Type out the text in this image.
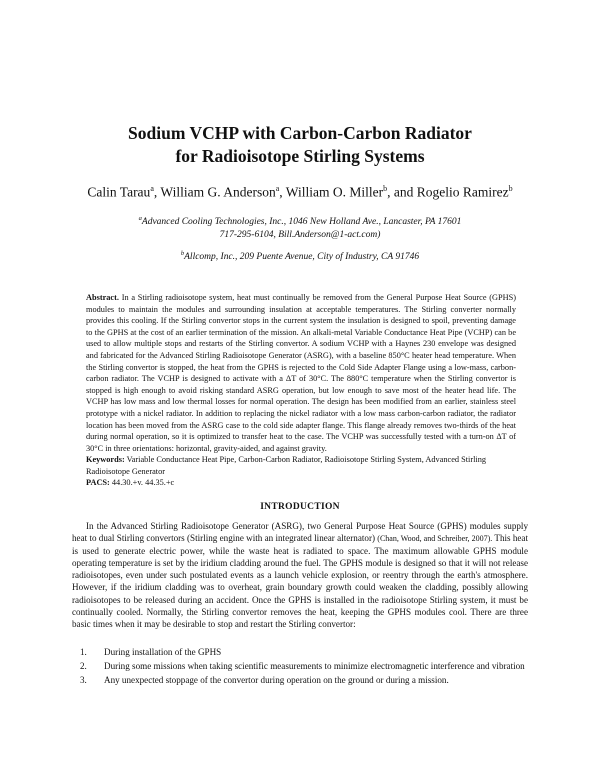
Sodium VCHP with Carbon-Carbon Radiator
for Radioisotope Stirling Systems
Calin Tarau$^a$, William G. Anderson$^a$, William O. Miller$^b$, and Rogelio Ramirez$^b$
$^a$Advanced Cooling Technologies, Inc., 1046 New Holland Ave., Lancaster, PA 17601
717-295-6104, Bill.Anderson@1-act.com)
$^b$Allcomp, Inc., 209 Puente Avenue, City of Industry, CA 91746
Abstract. In a Stirling radioisotope system, heat must continually be removed from the General Purpose Heat Source (GPHS) modules to maintain the modules and surrounding insulation at acceptable temperatures. The Stirling converter normally provides this cooling. If the Stirling convertor stops in the current system the insulation is designed to spoil, preventing damage to the GPHS at the cost of an earlier termination of the mission. An alkali-metal Variable Conductance Heat Pipe (VCHP) can be used to allow multiple stops and restarts of the Stirling convertor. A sodium VCHP with a Haynes 230 envelope was designed and fabricated for the Advanced Stirling Radioisotope Generator (ASRG), with a baseline 850°C heater head temperature. When the Stirling convertor is stopped, the heat from the GPHS is rejected to the Cold Side Adapter Flange using a low-mass, carbon-carbon radiator. The VCHP is designed to activate with a ΔT of 30°C. The 880°C temperature when the Stirling convertor is stopped is high enough to avoid risking standard ASRG operation, but low enough to save most of the heater head life. The VCHP has low mass and low thermal losses for normal operation. The design has been modified from an earlier, stainless steel prototype with a nickel radiator. In addition to replacing the nickel radiator with a low mass carbon-carbon radiator, the radiator location has been moved from the ASRG case to the cold side adapter flange. This flange already removes two-thirds of the heat during normal operation, so it is optimized to transfer heat to the case. The VCHP was successfully tested with a turn-on ΔT of 30°C in three orientations: horizontal, gravity-aided, and against gravity.
Keywords: Variable Conductance Heat Pipe, Carbon-Carbon Radiator, Radioisotope Stirling System, Advanced Stirling Radioisotope Generator
PACS: 44.30.+v. 44.35.+c
INTRODUCTION
In the Advanced Stirling Radioisotope Generator (ASRG), two General Purpose Heat Source (GPHS) modules supply heat to dual Stirling convertors (Stirling engine with an integrated linear alternator) (Chan, Wood, and Schreiber, 2007). This heat is used to generate electric power, while the waste heat is radiated to space. The maximum allowable GPHS module operating temperature is set by the iridium cladding around the fuel. The GPHS module is designed so that it will not release radioisotopes, even under such postulated events as a launch vehicle explosion, or reentry through the earth's atmosphere. However, if the iridium cladding was to overheat, grain boundary growth could weaken the cladding, possibly allowing radioisotopes to be released during an accident. Once the GPHS is installed in the radioisotope Stirling system, it must be continually cooled. Normally, the Stirling convertor removes the heat, keeping the GPHS modules cool. There are three basic times when it may be desirable to stop and restart the Stirling convertor:
1.	During installation of the GPHS
2.	During some missions when taking scientific measurements to minimize electromagnetic interference and vibration
3.	Any unexpected stoppage of the convertor during operation on the ground or during a mission.
